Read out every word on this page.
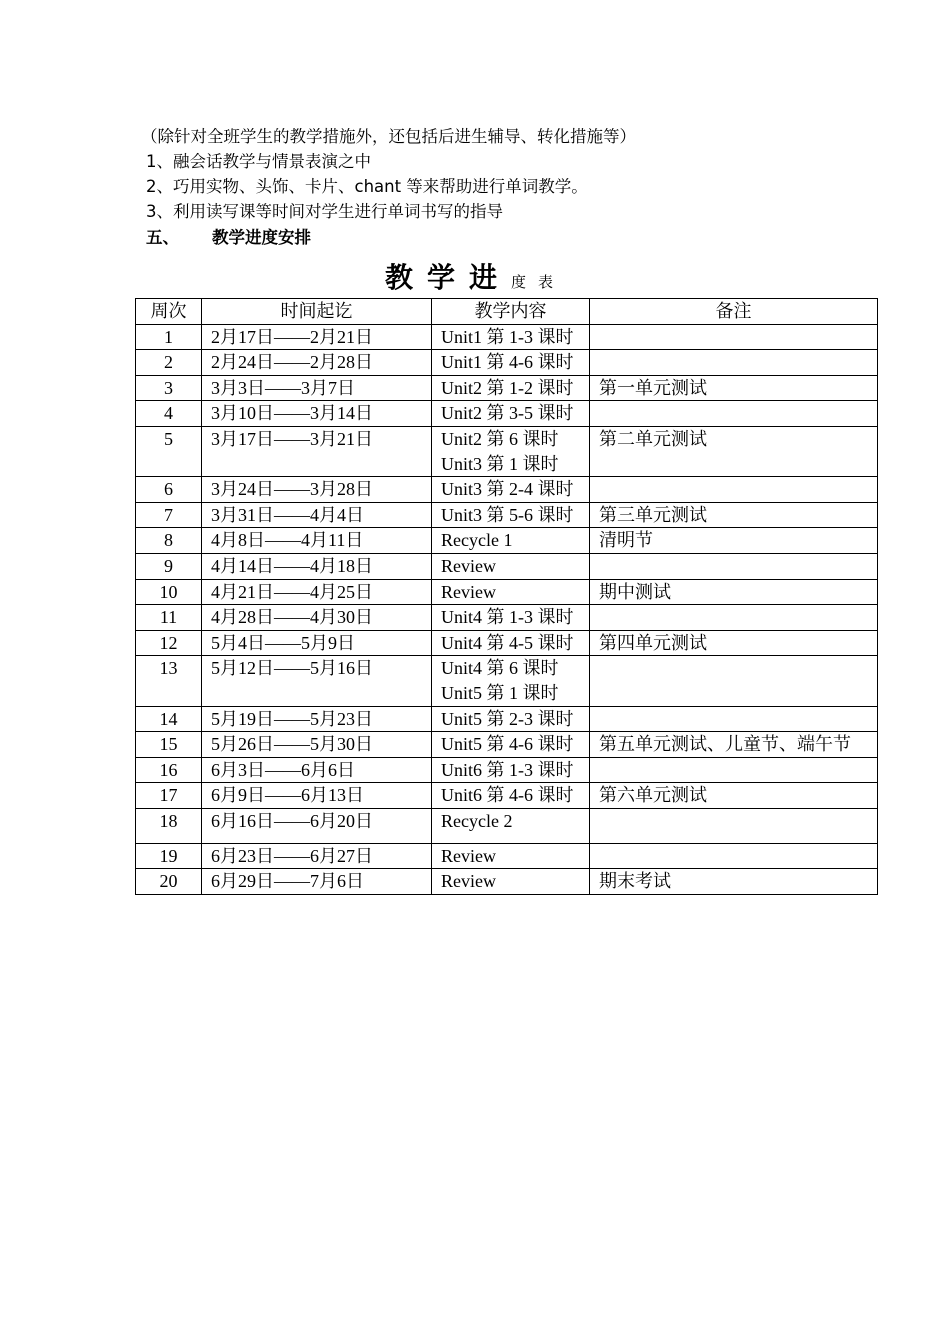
（除针对全班学生的教学措施外，还包括后进生辅导、转化措施等）
1、融会话教学与情景表演之中
2、巧用实物、头饰、卡片、chant 等来帮助进行单词教学。
3、利用读写课等时间对学生进行单词书写的指导
五、 教学进度安排
教学进度表
周次	时间起讫	教学内容	备注
1	2月17日——2月21日	Unit1 第 1-3 课时	

2	2月24日——2月28日	Unit1 第 4-6 课时	

3	3月3日——3月7日	Unit2 第 1-2 课时	第一单元测试
4	3月10日——3月14日	Unit2 第 3-5 课时	

5	3月17日——3月21日	Unit2 第 6 课时
Unit3 第 1 课时	第二单元测试
6	3月24日——3月28日	Unit3 第 2-4 课时	

7	3月31日——4月4日	Unit3 第 5-6 课时	第三单元测试
8	4月8日——4月11日	Recycle 1	清明节
9	4月14日——4月18日	Review	

10	4月21日——4月25日	Review	期中测试
11	4月28日——4月30日	Unit4 第 1-3 课时	

12	5月4日——5月9日	Unit4 第 4-5 课时	第四单元测试
13	5月12日——5月16日	Unit4 第 6 课时
Unit5 第 1 课时	

14	5月19日——5月23日	Unit5 第 2-3 课时	

15	5月26日——5月30日	Unit5 第 4-6 课时	第五单元测试、儿童节、端午节
16	6月3日——6月6日	Unit6 第 1-3 课时	

17	6月9日——6月13日	Unit6 第 4-6 课时	第六单元测试
18	6月16日——6月20日	Recycle 2	

19	6月23日——6月27日	Review	

20	6月29日——7月6日	Review	期末考试
